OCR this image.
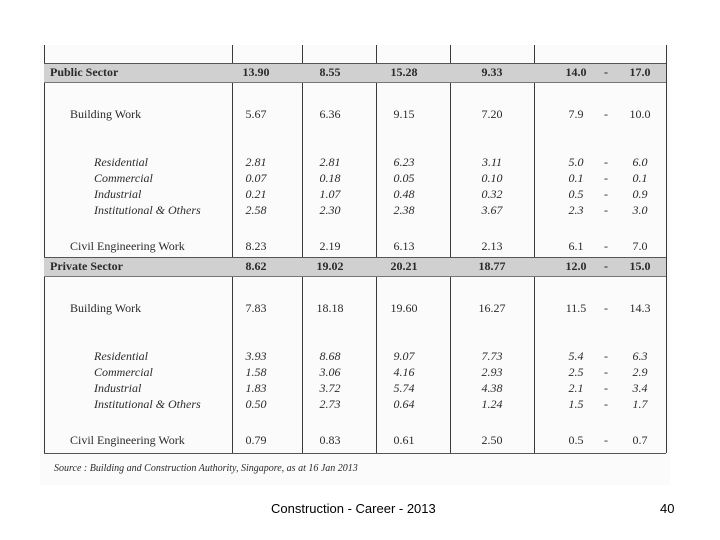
Source : Building and Construction Authority, Singapore, as at 16 Jan 2013
Public Sector	13.90	8.55	15.28	9.33	14.0	-	17.0
Building Work	5.67	6.36	9.15	7.20	7.9	-	10.0
Residential	2.81	2.81	6.23	3.11	5.0	-	6.0
Commercial	0.07	0.18	0.05	0.10	0.1	-	0.1
Industrial	0.21	1.07	0.48	0.32	0.5	-	0.9
Institutional & Others	2.58	2.30	2.38	3.67	2.3	-	3.0
Civil Engineering Work	8.23	2.19	6.13	2.13	6.1	-	7.0
Private Sector	8.62	19.02	20.21	18.77	12.0	-	15.0
Building Work	7.83	18.18	19.60	16.27	11.5	-	14.3
Residential	3.93	8.68	9.07	7.73	5.4	-	6.3
Commercial	1.58	3.06	4.16	2.93	2.5	-	2.9
Industrial	1.83	3.72	5.74	4.38	2.1	-	3.4
Institutional & Others	0.50	2.73	0.64	1.24	1.5	-	1.7
Civil Engineering Work	0.79	0.83	0.61	2.50	0.5	-	0.7
Construction - Career - 2013	40
